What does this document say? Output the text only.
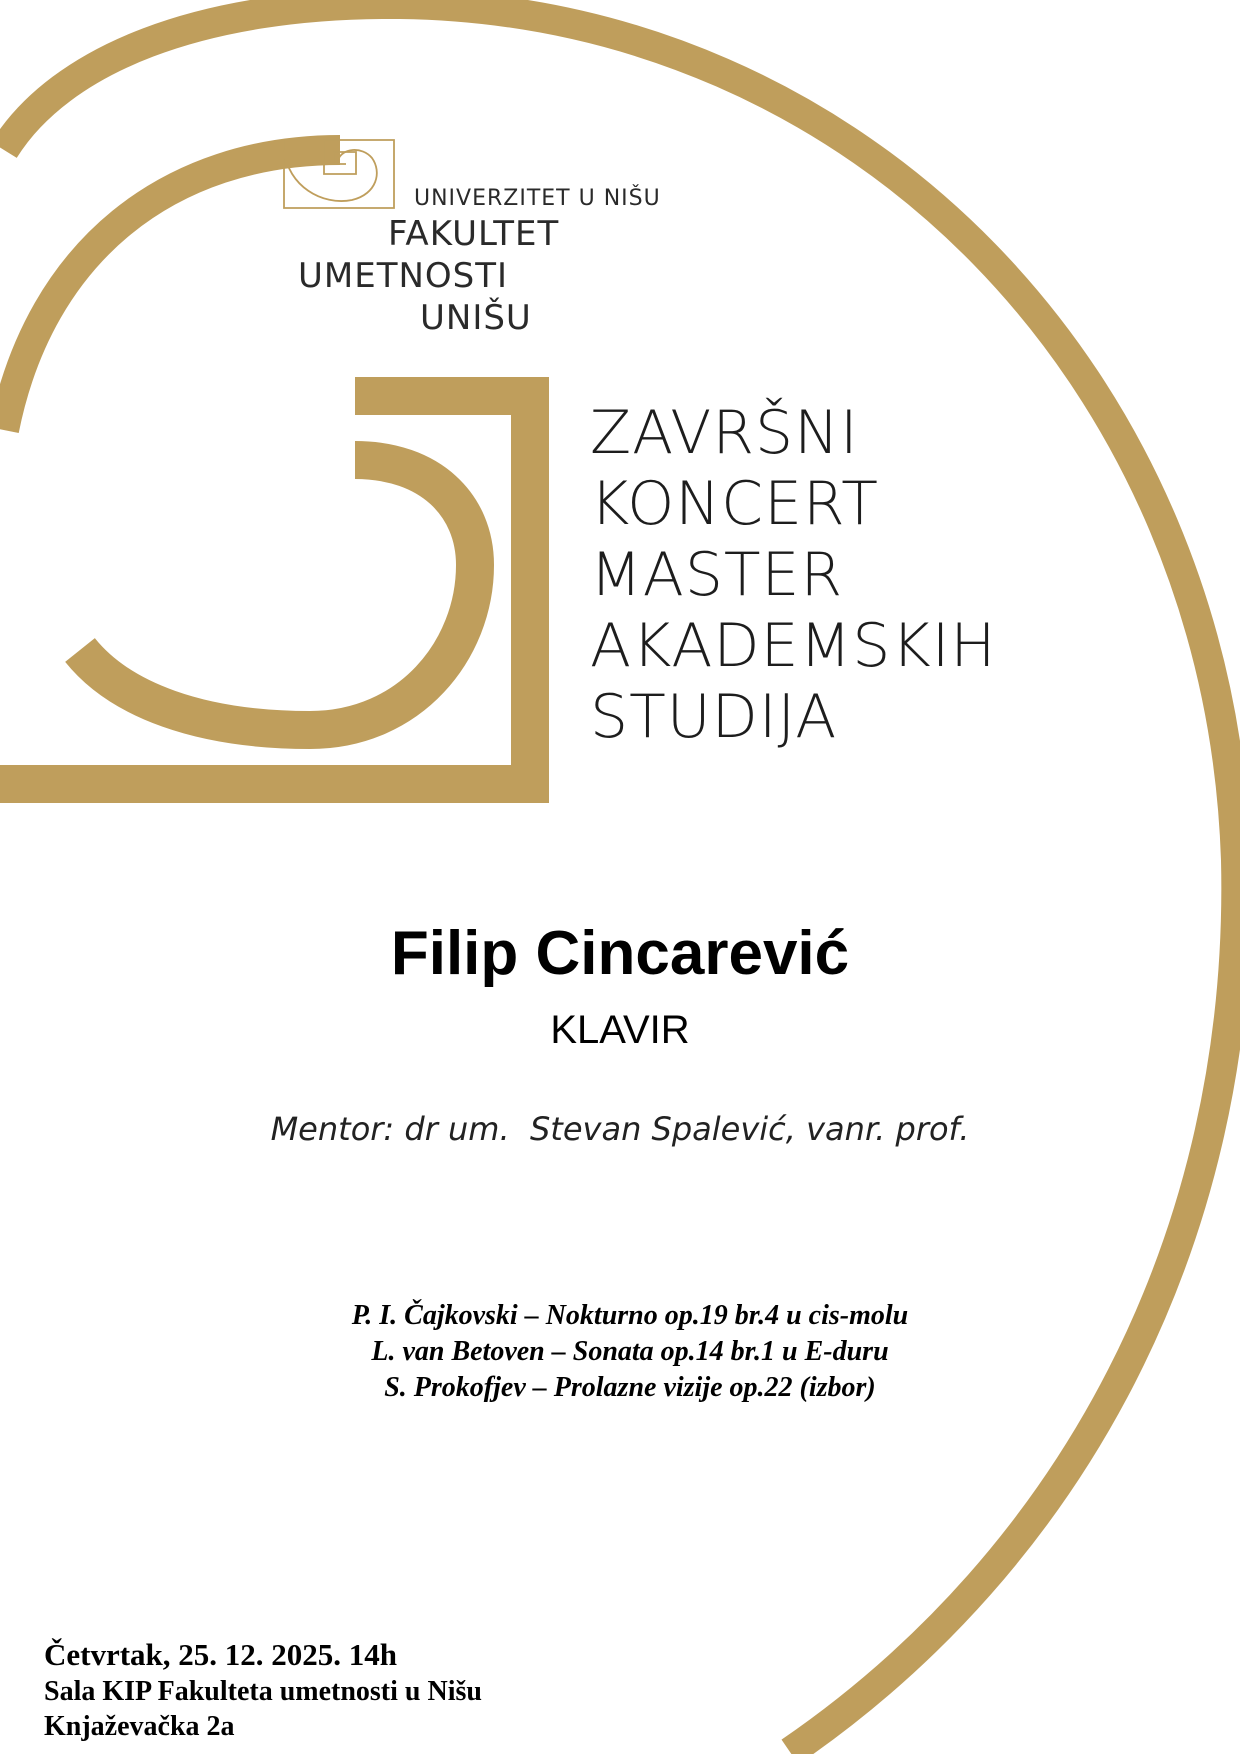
UNIVERZITET U NIŠU
FAKULTET
UMETNOSTI
UNIŠU
ZAVRŠNI
KONCERT
MASTER
AKADEMSKIH
STUDIJA
Filip Cincarević
KLAVIR
Mentor: dr um.  Stevan Spalević, vanr. prof.
P. I. Čajkovski – Nokturno op.19 br.4 u cis-molu
L. van Betoven – Sonata op.14 br.1 u E-duru
S. Prokofjev – Prolazne vizije op.22 (izbor)
Četvrtak, 25. 12. 2025. 14h
Sala KIP Fakulteta umetnosti u Nišu
Knjaževačka 2a
